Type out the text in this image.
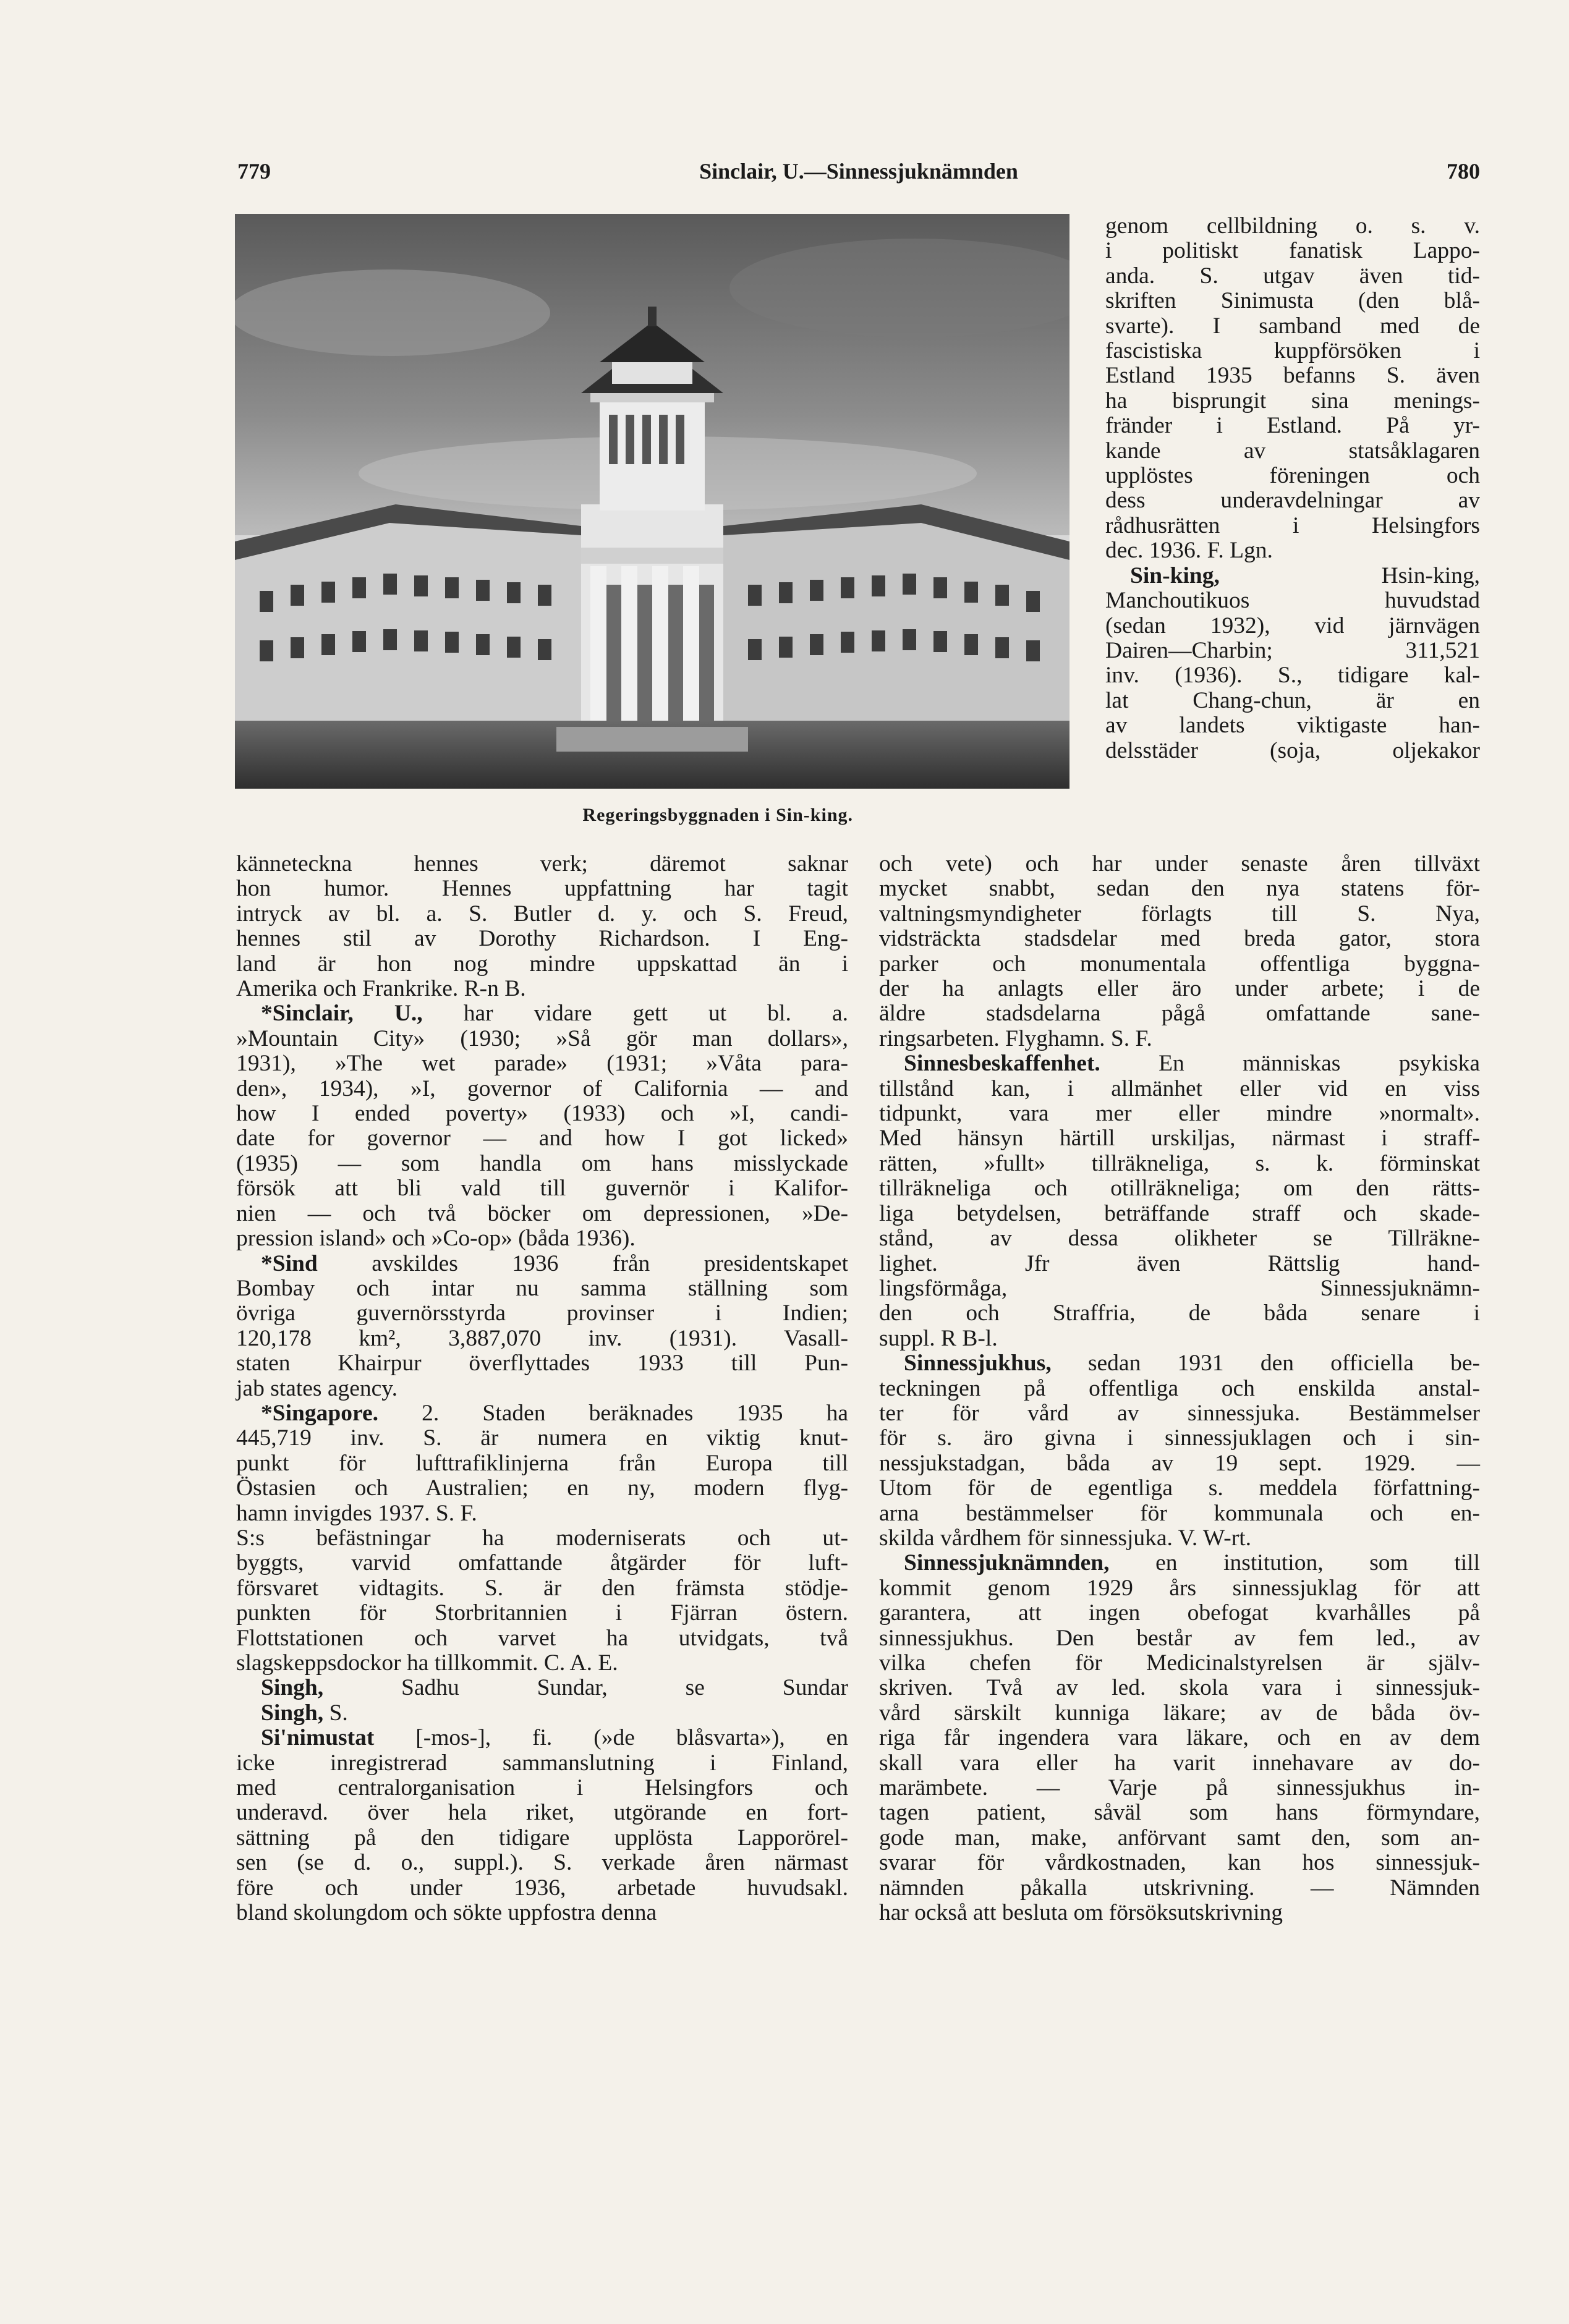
779	Sinclair, U.—Sinnessjuknämnden	780
Regeringsbyggnaden i Sin-king.
genom cellbildning o. s. v.
i politiskt fanatisk Lappo-
anda. S. utgav även tid-
skriften Sinimusta (den blå-
svarte). I samband med de
fascistiska kuppförsöken i
Estland 1935 befanns S. även
ha bisprungit sina menings-
fränder i Estland. På yr-
kande av statsåklagaren
upplöstes föreningen och
dess underavdelningar av
rådhusrätten i Helsingfors
dec. 1936. F. Lgn.
Sin-king, Hsin-king,
Manchoutikuos huvudstad
(sedan 1932), vid järnvägen
Dairen—Charbin; 311,521
inv. (1936). S., tidigare kal-
lat Chang-chun, är en
av landets viktigaste han-
delsstäder (soja, oljekakor
känneteckna hennes verk; däremot saknar
hon humor. Hennes uppfattning har tagit
intryck av bl. a. S. Butler d. y. och S. Freud,
hennes stil av Dorothy Richardson. I Eng-
land är hon nog mindre uppskattad än i
Amerika och Frankrike. R-n B.
*Sinclair, U., har vidare gett ut bl. a.
»Mountain City» (1930; »Så gör man dollars»,
1931), »The wet parade» (1931; »Våta para-
den», 1934), »I, governor of California — and
how I ended poverty» (1933) och »I, candi-
date for governor — and how I got licked»
(1935) — som handla om hans misslyckade
försök att bli vald till guvernör i Kalifor-
nien — och två böcker om depressionen, »De-
pression island» och »Co-op» (båda 1936).
*Sind avskildes 1936 från presidentskapet
Bombay och intar nu samma ställning som
övriga guvernörsstyrda provinser i Indien;
120,178 km², 3,887,070 inv. (1931). Vasall-
staten Khairpur överflyttades 1933 till Pun-
jab states agency.
*Singapore. 2. Staden beräknades 1935 ha
445,719 inv. S. är numera en viktig knut-
punkt för lufttrafiklinjerna från Europa till
Östasien och Australien; en ny, modern flyg-
hamn invigdes 1937. S. F.
S:s befästningar ha moderniserats och ut-
byggts, varvid omfattande åtgärder för luft-
försvaret vidtagits. S. är den främsta stödje-
punkten för Storbritannien i Fjärran östern.
Flottstationen och varvet ha utvidgats, två
slagskeppsdockor ha tillkommit. C. A. E.
Singh, Sadhu Sundar, se Sundar
Singh, S.
Si'nimustat [-mos-], fi. (»de blåsvarta»), en
icke inregistrerad sammanslutning i Finland,
med centralorganisation i Helsingfors och
underavd. över hela riket, utgörande en fort-
sättning på den tidigare upplösta Lapporörel-
sen (se d. o., suppl.). S. verkade åren närmast
före och under 1936, arbetade huvudsakl.
bland skolungdom och sökte uppfostra denna
och vete) och har under senaste åren tillväxt
mycket snabbt, sedan den nya statens för-
valtningsmyndigheter förlagts till S. Nya,
vidsträckta stadsdelar med breda gator, stora
parker och monumentala offentliga byggna-
der ha anlagts eller äro under arbete; i de
äldre stadsdelarna pågå omfattande sane-
ringsarbeten. Flyghamn. S. F.
Sinnesbeskaffenhet. En människas psykiska
tillstånd kan, i allmänhet eller vid en viss
tidpunkt, vara mer eller mindre »normalt».
Med hänsyn härtill urskiljas, närmast i straff-
rätten, »fullt» tillräkneliga, s. k. förminskat
tillräkneliga och otillräkneliga; om den rätts-
liga betydelsen, beträffande straff och skade-
stånd, av dessa olikheter se Tillräkne-
lighet. Jfr även Rättslig hand-
lingsförmåga, Sinnessjuknämn-
den och Straffria, de båda senare i
suppl. R B-l.
Sinnessjukhus, sedan 1931 den officiella be-
teckningen på offentliga och enskilda anstal-
ter för vård av sinnessjuka. Bestämmelser
för s. äro givna i sinnessjuklagen och i sin-
nessjukstadgan, båda av 19 sept. 1929. —
Utom för de egentliga s. meddela författning-
arna bestämmelser för kommunala och en-
skilda vårdhem för sinnessjuka. V. W-rt.
Sinnessjuknämnden, en institution, som till
kommit genom 1929 års sinnessjuklag för att
garantera, att ingen obefogat kvarhålles på
sinnessjukhus. Den består av fem led., av
vilka chefen för Medicinalstyrelsen är själv-
skriven. Två av led. skola vara i sinnessjuk-
vård särskilt kunniga läkare; av de båda öv-
riga får ingendera vara läkare, och en av dem
skall vara eller ha varit innehavare av do-
marämbete. — Varje på sinnessjukhus in-
tagen patient, såväl som hans förmyndare,
gode man, make, anförvant samt den, som an-
svarar för vårdkostnaden, kan hos sinnessjuk-
nämnden påkalla utskrivning. — Nämnden
har också att besluta om försöksutskrivning
